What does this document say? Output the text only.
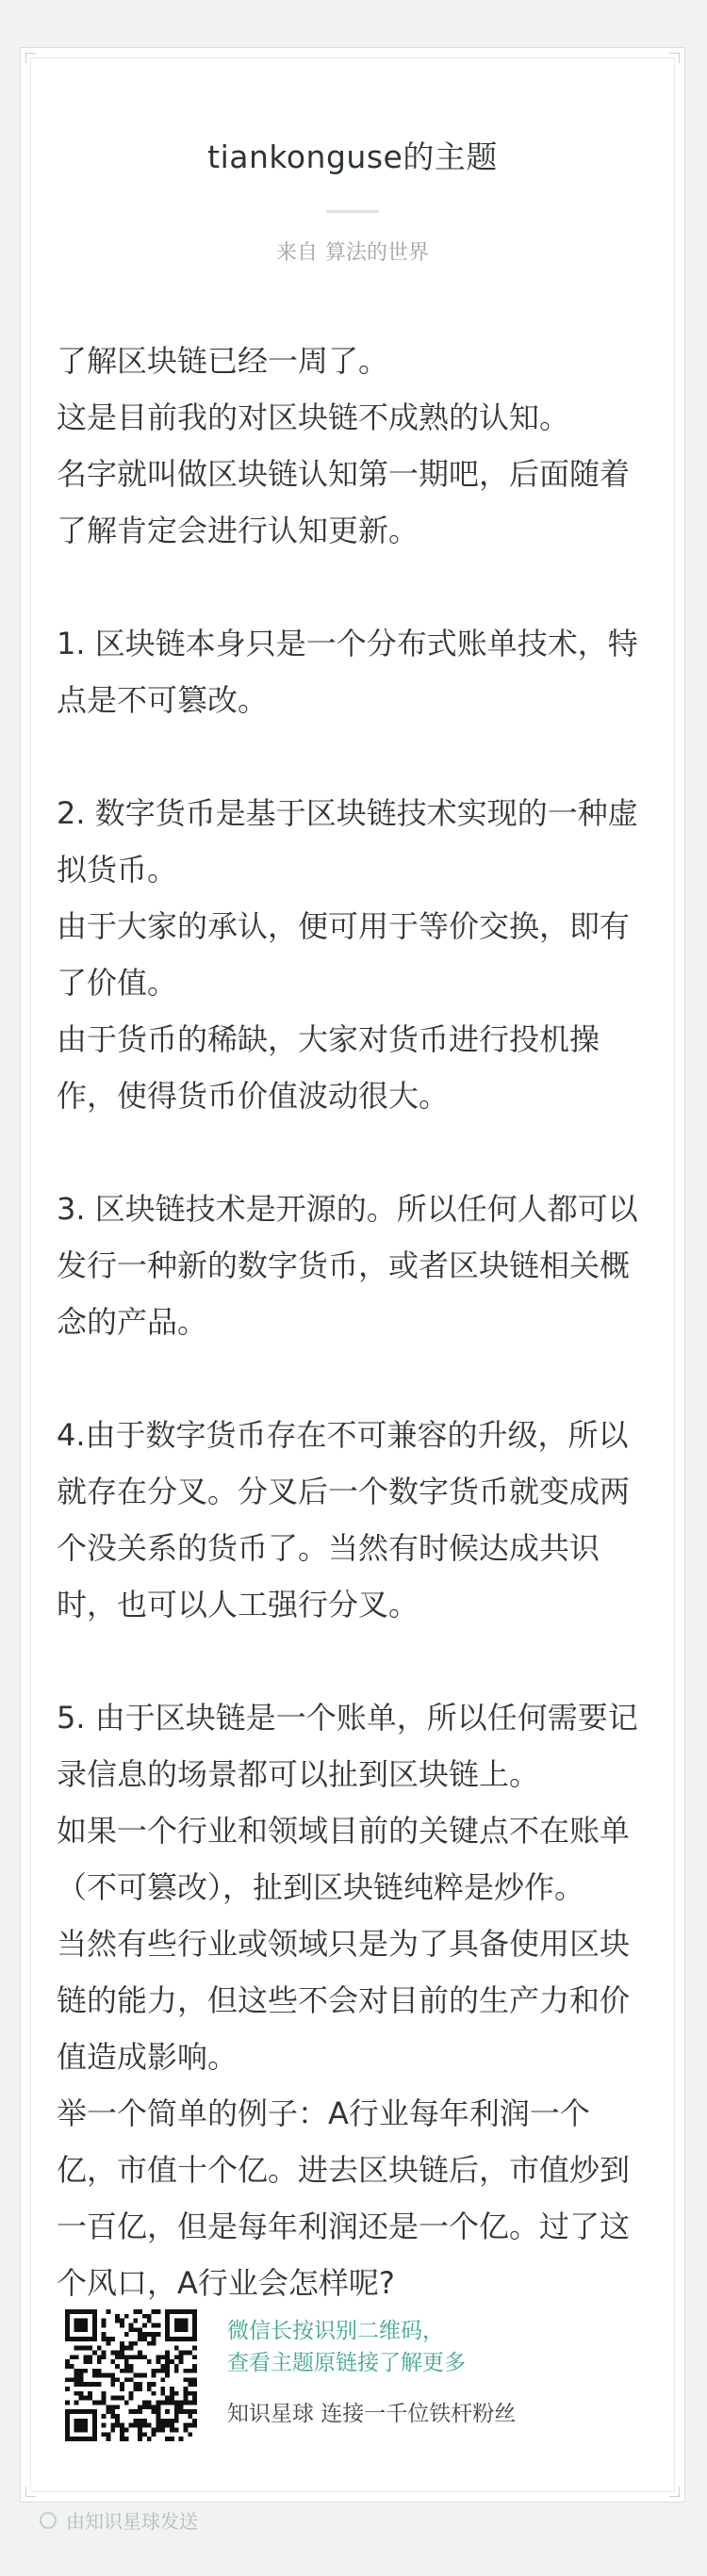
tiankonguse的主题
来自 算法的世界

了解区块链已经一周了。

这是目前我的对区块链不成熟的认知。

名字就叫做区块链认知第一期吧，后面随着

了解肯定会进行认知更新。

1. 区块链本身只是一个分布式账单技术，特

点是不可篡改。

2. 数字货币是基于区块链技术实现的一种虚

拟货币。

由于大家的承认，便可用于等价交换，即有

了价值。

由于货币的稀缺，大家对货币进行投机操

作，使得货币价值波动很大。

3. 区块链技术是开源的。所以任何人都可以

发行一种新的数字货币，或者区块链相关概

念的产品。

4.由于数字货币存在不可兼容的升级，所以

就存在分叉。分叉后一个数字货币就变成两

个没关系的货币了。当然有时候达成共识

时，也可以人工强行分叉。

5. 由于区块链是一个账单，所以任何需要记

录信息的场景都可以扯到区块链上。

如果一个行业和领域目前的关键点不在账单

（不可篡改），扯到区块链纯粹是炒作。

当然有些行业或领域只是为了具备使用区块

链的能力，但这些不会对目前的生产力和价

值造成影响。

举一个简单的例子：A行业每年利润一个

亿，市值十个亿。进去区块链后，市值炒到

一百亿，但是每年利润还是一个亿。过了这

个风口，A行业会怎样呢?

微信长按识别二维码，
查看主题原链接了解更多
知识星球 连接一千位铁杆粉丝
由知识星球发送
